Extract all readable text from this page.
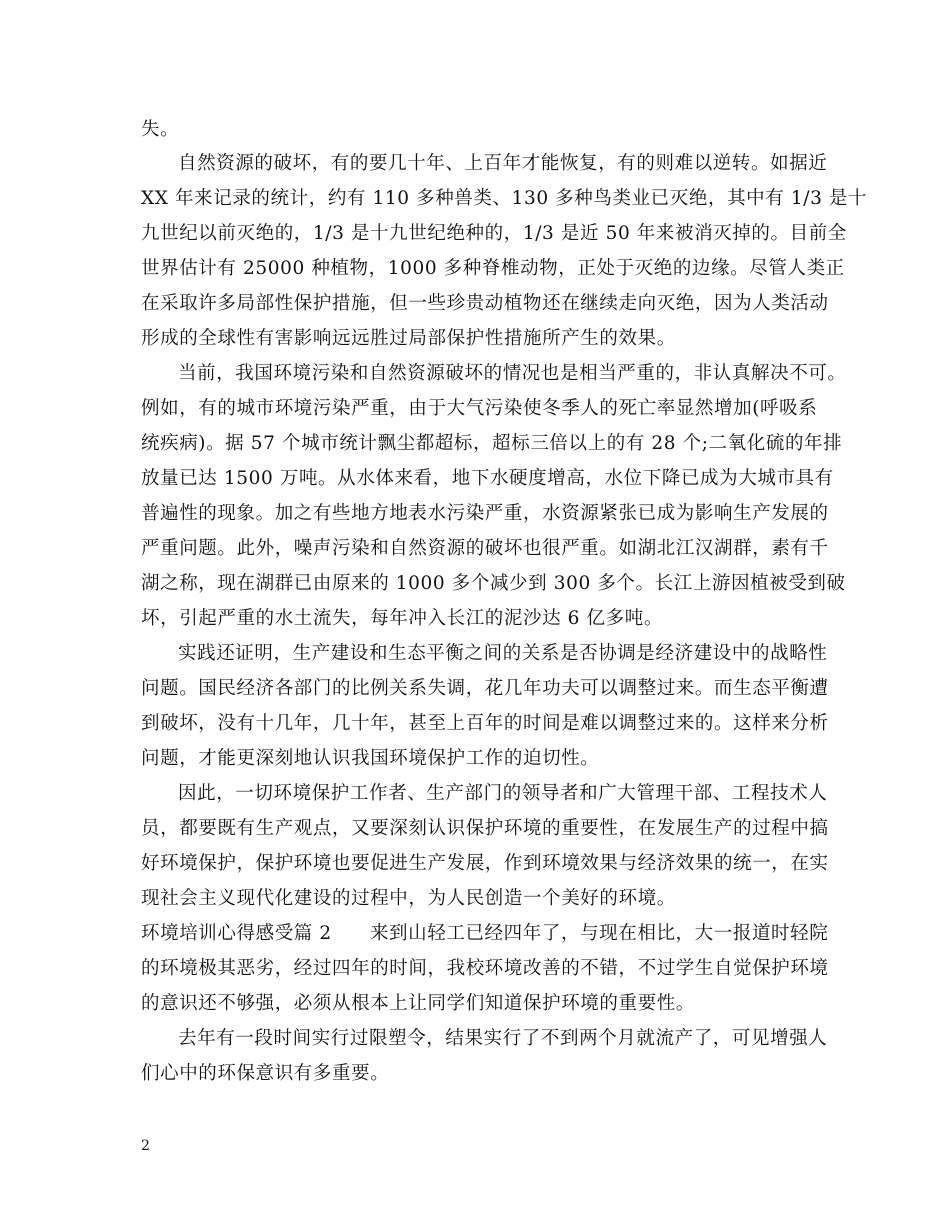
失。
自然资源的破坏，有的要几十年、上百年才能恢复，有的则难以逆转。如据近
XX 年来记录的统计，约有 110 多种兽类、130 多种鸟类业已灭绝，其中有 1/3 是十
九世纪以前灭绝的，1/3 是十九世纪绝种的，1/3 是近 50 年来被消灭掉的。目前全
世界估计有 25000 种植物，1000 多种脊椎动物，正处于灭绝的边缘。尽管人类正
在采取许多局部性保护措施，但一些珍贵动植物还在继续走向灭绝，因为人类活动
形成的全球性有害影响远远胜过局部保护性措施所产生的效果。
当前，我国环境污染和自然资源破坏的情况也是相当严重的，非认真解决不可。
例如，有的城市环境污染严重，由于大气污染使冬季人的死亡率显然增加(呼吸系
统疾病)。据 57 个城市统计飘尘都超标，超标三倍以上的有 28 个;二氧化硫的年排
放量已达 1500 万吨。从水体来看，地下水硬度增高，水位下降已成为大城市具有
普遍性的现象。加之有些地方地表水污染严重，水资源紧张已成为影响生产发展的
严重问题。此外，噪声污染和自然资源的破坏也很严重。如湖北江汉湖群，素有千
湖之称，现在湖群已由原来的 1000 多个减少到 300 多个。长江上游因植被受到破
坏，引起严重的水土流失，每年冲入长江的泥沙达 6 亿多吨。
实践还证明，生产建设和生态平衡之间的关系是否协调是经济建设中的战略性
问题。国民经济各部门的比例关系失调，花几年功夫可以调整过来。而生态平衡遭
到破坏，没有十几年，几十年，甚至上百年的时间是难以调整过来的。这样来分析
问题，才能更深刻地认识我国环境保护工作的迫切性。
因此，一切环境保护工作者、生产部门的领导者和广大管理干部、工程技术人
员，都要既有生产观点，又要深刻认识保护环境的重要性，在发展生产的过程中搞
好环境保护，保护环境也要促进生产发展，作到环境效果与经济效果的统一，在实
现社会主义现代化建设的过程中，为人民创造一个美好的环境。
环境培训心得感受篇 2　　来到山轻工已经四年了，与现在相比，大一报道时轻院
的环境极其恶劣，经过四年的时间，我校环境改善的不错，不过学生自觉保护环境
的意识还不够强，必须从根本上让同学们知道保护环境的重要性。
去年有一段时间实行过限塑令，结果实行了不到两个月就流产了，可见增强人
们心中的环保意识有多重要。
2
